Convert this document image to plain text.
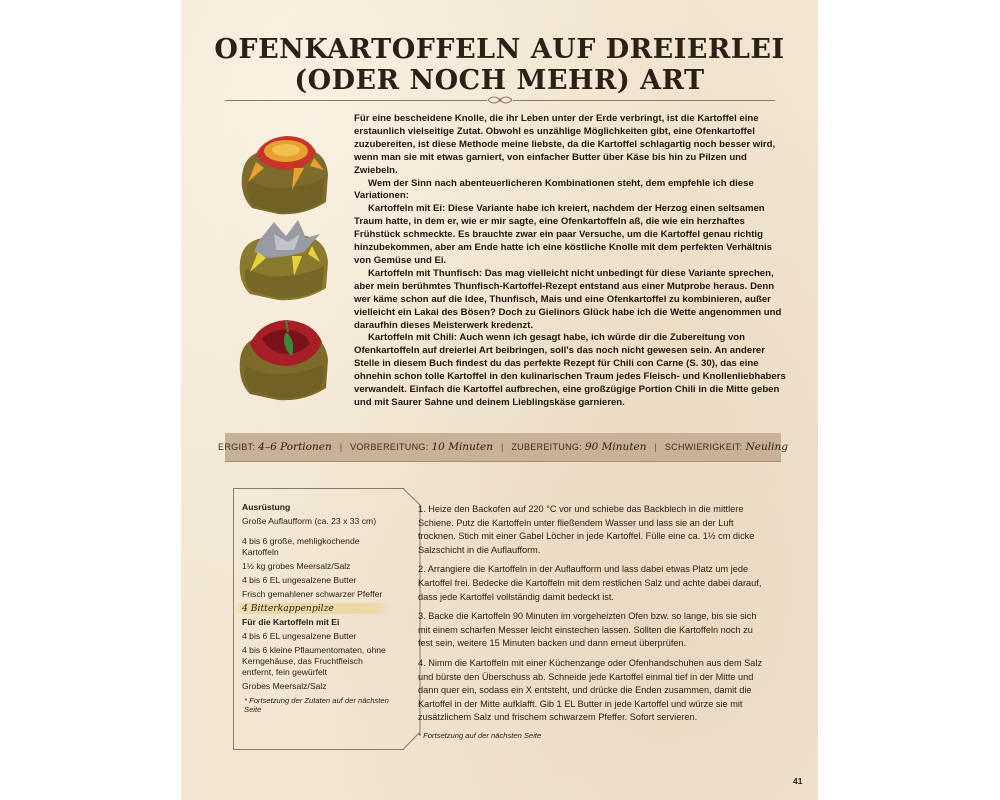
OFENKARTOFFELN AUF DREIERLEI
(ODER NOCH MEHR) ART

Für eine bescheidene Knolle, die ihr Leben unter der Erde verbringt, ist die Kartoffel eine erstaunlich vielseitige Zutat. Obwohl es unzählige Möglichkeiten gibt, eine Ofenkartoffel zuzubereiten, ist diese Methode meine liebste, da die Kartoffel schlagartig noch besser wird, wenn man sie mit etwas garniert, von einfacher Butter über Käse bis hin zu Pilzen und Zwiebeln.

Wem der Sinn nach abenteuerlicheren Kombinationen steht, dem empfehle ich diese Variationen:

Kartoffeln mit Ei: Diese Variante habe ich kreiert, nachdem der Herzog einen seltsamen Traum hatte, in dem er, wie er mir sagte, eine Ofenkartoffeln aß, die wie ein herzhaftes Frühstück schmeckte. Es brauchte zwar ein paar Versuche, um die Kartoffel genau richtig hinzubekommen, aber am Ende hatte ich eine köstliche Knolle mit dem perfekten Verhältnis von Gemüse und Ei.

Kartoffeln mit Thunfisch: Das mag vielleicht nicht unbedingt für diese Variante sprechen, aber mein berühmtes Thunfisch-Kartoffel-Rezept entstand aus einer Mutprobe heraus. Denn wer käme schon auf die Idee, Thunfisch, Mais und eine Ofenkartoffel zu kombinieren, außer vielleicht ein Lakai des Bösen? Doch zu Gielinors Glück habe ich die Wette angenommen und daraufhin dieses Meisterwerk kredenzt.

Kartoffeln mit Chili: Auch wenn ich gesagt habe, ich würde dir die Zubereitung von Ofenkartoffeln auf dreierlei Art beibringen, soll's das noch nicht gewesen sein. An anderer Stelle in diesem Buch findest du das perfekte Rezept für Chili con Carne (S. 30), das eine ohnehin schon tolle Kartoffel in den kulinarischen Traum jedes Fleisch- und Knollenliebhabers verwandelt. Einfach die Kartoffel aufbrechen, eine großzügige Portion Chili in die Mitte geben und mit Saurer Sahne und deinem Lieblingskäse garnieren.

ERGIBT: 4–6 Portionen | VORBEREITUNG: 10 Minuten | ZUBEREITUNG: 90 Minuten | SCHWIERIGKEIT: Neuling
Ausrüstung
Große Auflaufform (ca. 23 x 33 cm)
4 bis 6 große, mehligkochende Kartoffeln
1½ kg grobes Meersalz/Salz
4 bis 6 EL ungesalzene Butter
Frisch gemahlener schwarzer Pfeffer
4 Bitterkappenpilze
Für die Kartoffeln mit Ei
4 bis 6 EL ungesalzene Butter
4 bis 6 kleine Pflaumentomaten, ohne Kerngehäuse, das Fruchtfleisch entfernt, fein gewürfelt
Grobes Meersalz/Salz
* Fortsetzung der Zutaten auf der nächsten Seite

1. Heize den Backofen auf 220 °C vor und schiebe das Backblech in die mittlere Schiene. Putz die Kartoffeln unter fließendem Wasser und lass sie an der Luft trocknen. Stich mit einer Gabel Löcher in jede Kartoffel. Fülle eine ca. 1½ cm dicke Salzschicht in die Auflaufform.

2. Arrangiere die Kartoffeln in der Auflaufform und lass dabei etwas Platz um jede Kartoffel frei. Bedecke die Kartoffeln mit dem restlichen Salz und achte dabei darauf, dass jede Kartoffel vollständig damit bedeckt ist.

3. Backe die Kartoffeln 90 Minuten im vorgeheizten Ofen bzw. so lange, bis sie sich mit einem scharfen Messer leicht einstechen lassen. Sollten die Kartoffeln noch zu fest sein, weitere 15 Minuten backen und dann erneut überprüfen.

4. Nimm die Kartoffeln mit einer Küchenzange oder Ofenhandschuhen aus dem Salz und bürste den Überschuss ab. Schneide jede Kartoffel einmal tief in der Mitte und dann quer ein, sodass ein X entsteht, und drücke die Enden zusammen, damit die Kartoffel in der Mitte aufklafft. Gib 1 EL Butter in jede Kartoffel und würze sie mit zusätzlichem Salz und frischem schwarzem Pfeffer. Sofort servieren.

* Fortsetzung auf der nächsten Seite
41
